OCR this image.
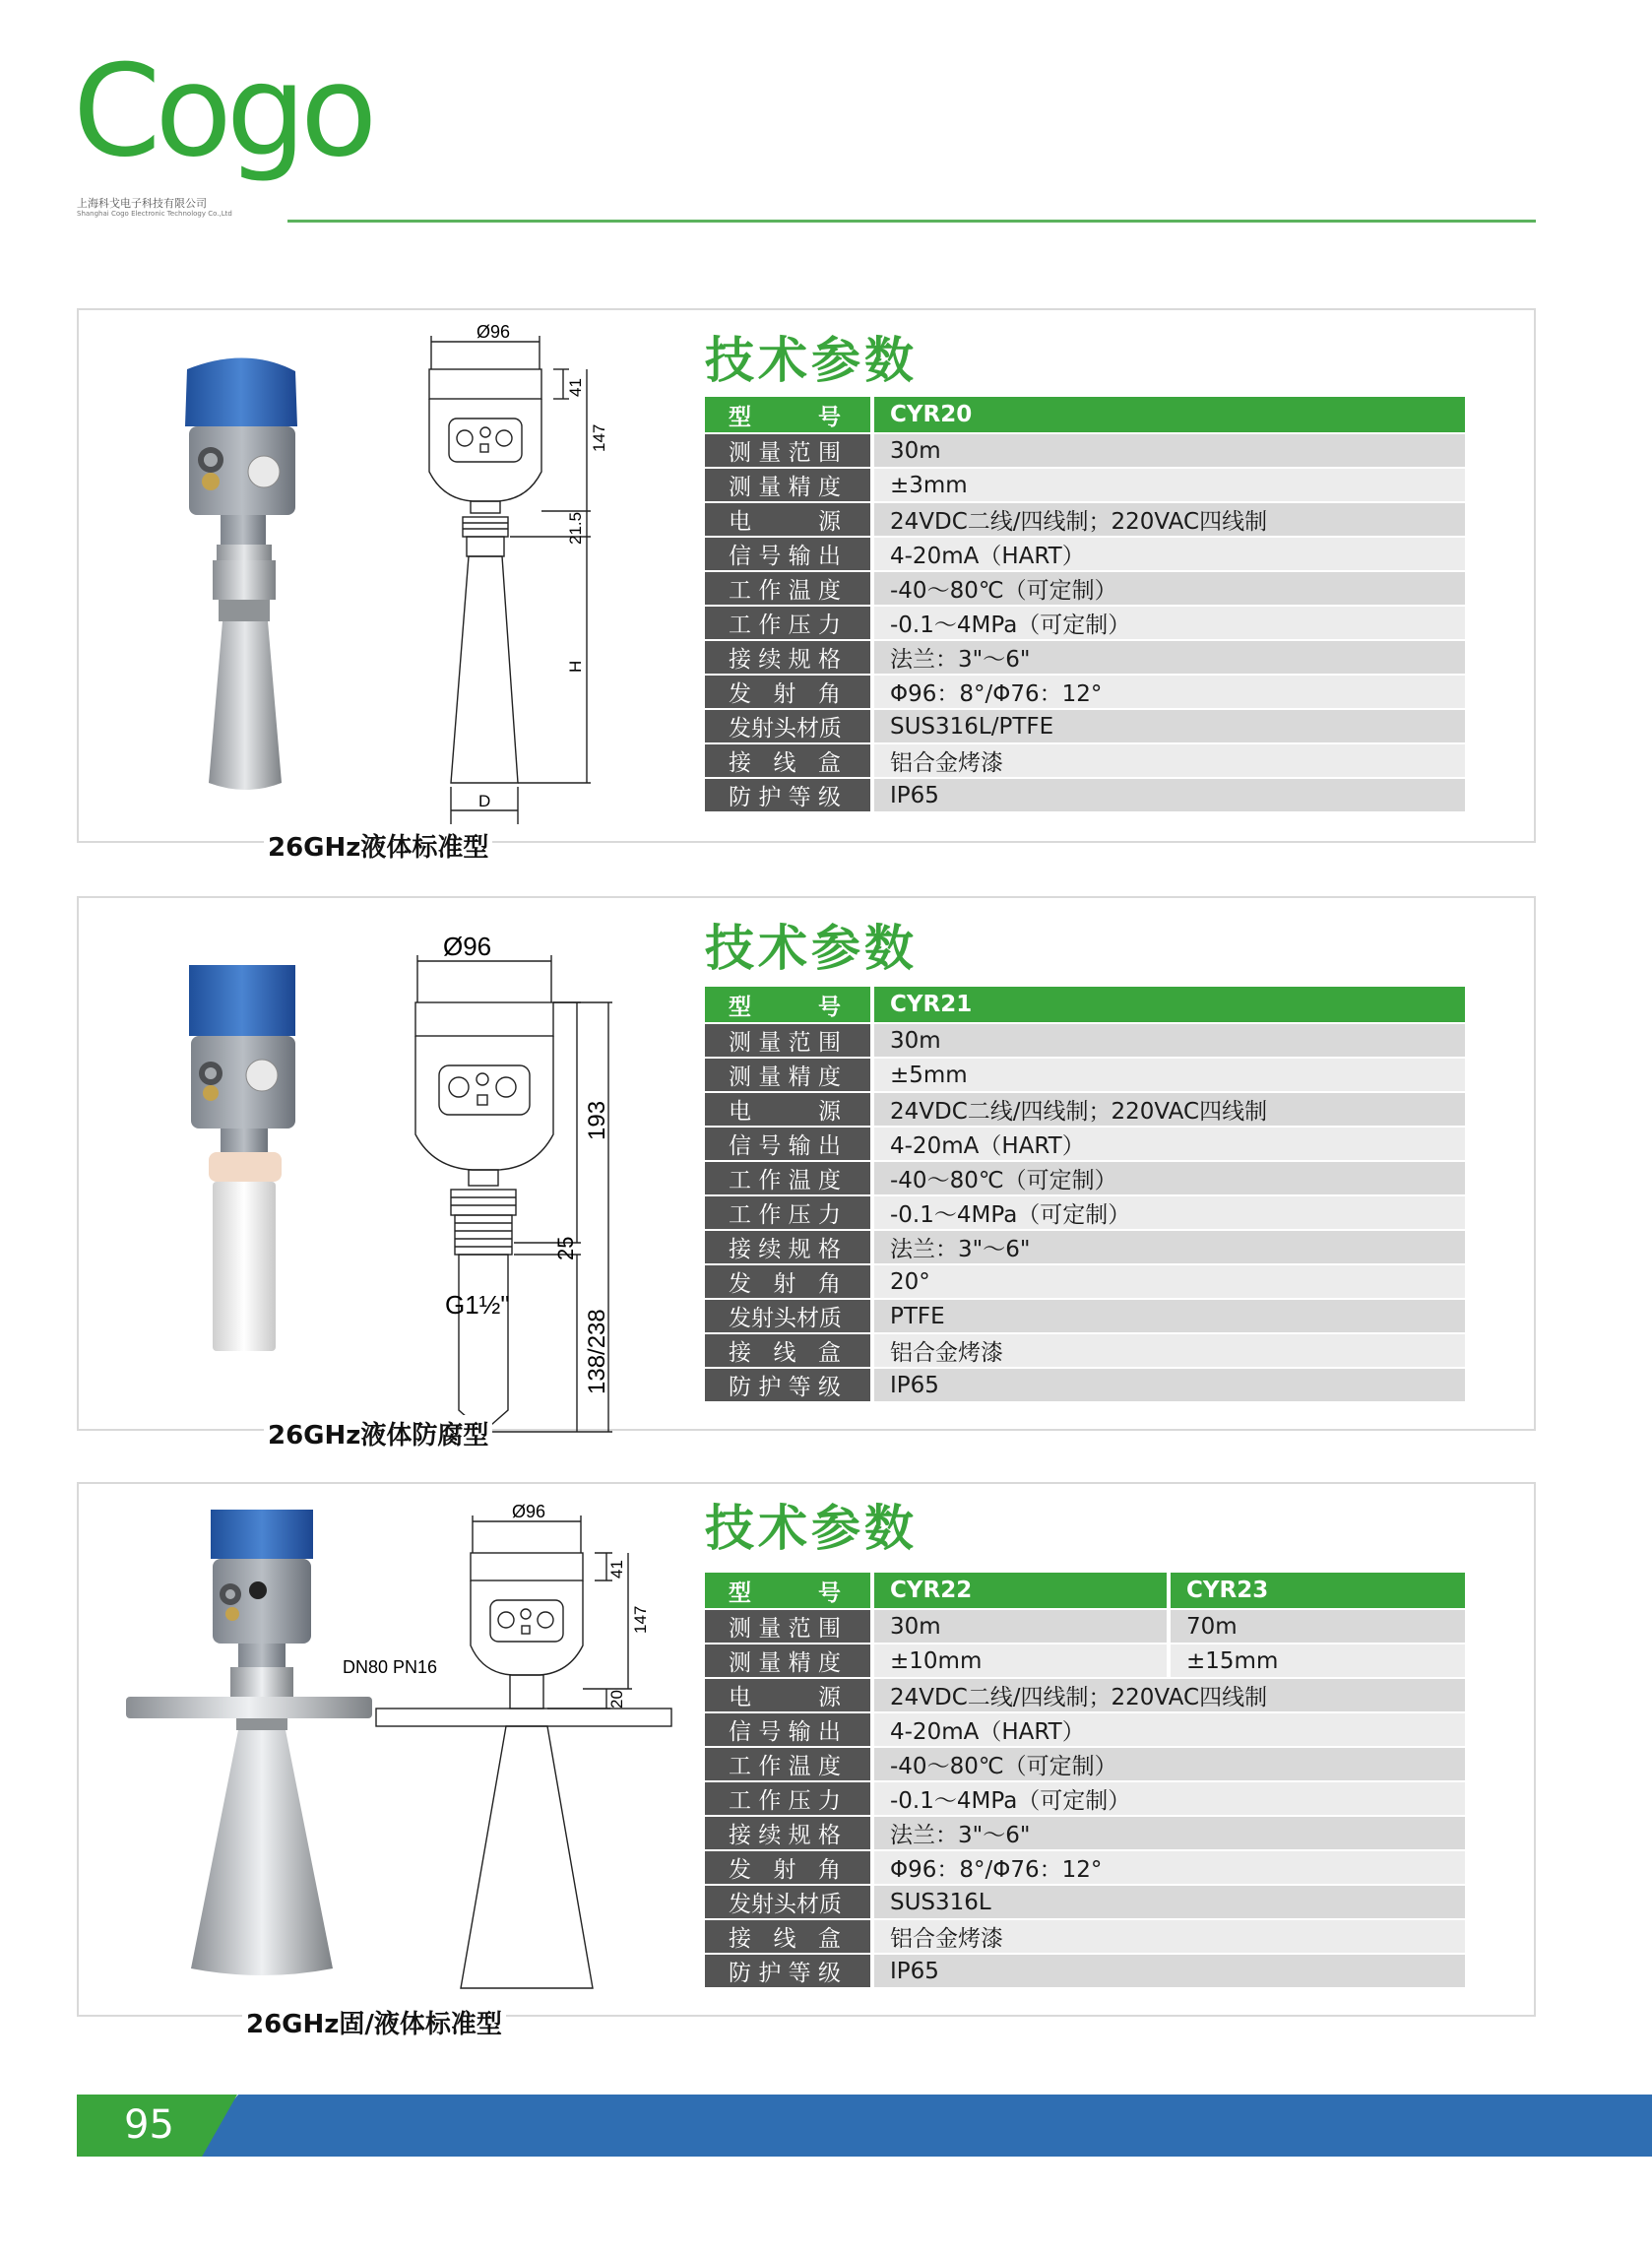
Cogo
上海科戈电子科技有限公司
Shanghai Cogo Electronic Technology Co.,Ltd
Ø96
41
147
21.5
H
D
技术参数
型号	CYR20
测量范围	30m
测量精度	±3mm
电源	24VDC二线/四线制；220VAC四线制
信号输出	4-20mA（HART）
工作温度	-40～80℃（可定制）
工作压力	-0.1～4MPa（可定制）
接续规格	法兰：3"～6"
发射角	Φ96：8°/Φ76：12°
发射头材质	SUS316L/PTFE
接线盒	铝合金烤漆
防护等级	IP65
26GHz液体标准型
Ø96
193
25
138/238
G1½"
技术参数
型号	CYR21
测量范围	30m
测量精度	±5mm
电源	24VDC二线/四线制；220VAC四线制
信号输出	4-20mA（HART）
工作温度	-40～80℃（可定制）
工作压力	-0.1～4MPa（可定制）
接续规格	法兰：3"～6"
发射角	20°
发射头材质	PTFE
接线盒	铝合金烤漆
防护等级	IP65
26GHz液体防腐型
Ø96
41
147
20
DN80 PN16
技术参数
型号	CYR22	CYR23
测量范围	30m	70m
测量精度	±10mm	±15mm
电源	24VDC二线/四线制；220VAC四线制	
信号输出	4-20mA（HART）	
工作温度	-40～80℃（可定制）	
工作压力	-0.1～4MPa（可定制）	
接续规格	法兰：3"～6"	
发射角	Φ96：8°/Φ76：12°	
发射头材质	SUS316L	
接线盒	铝合金烤漆	
防护等级	IP65	
26GHz固/液体标准型
95
